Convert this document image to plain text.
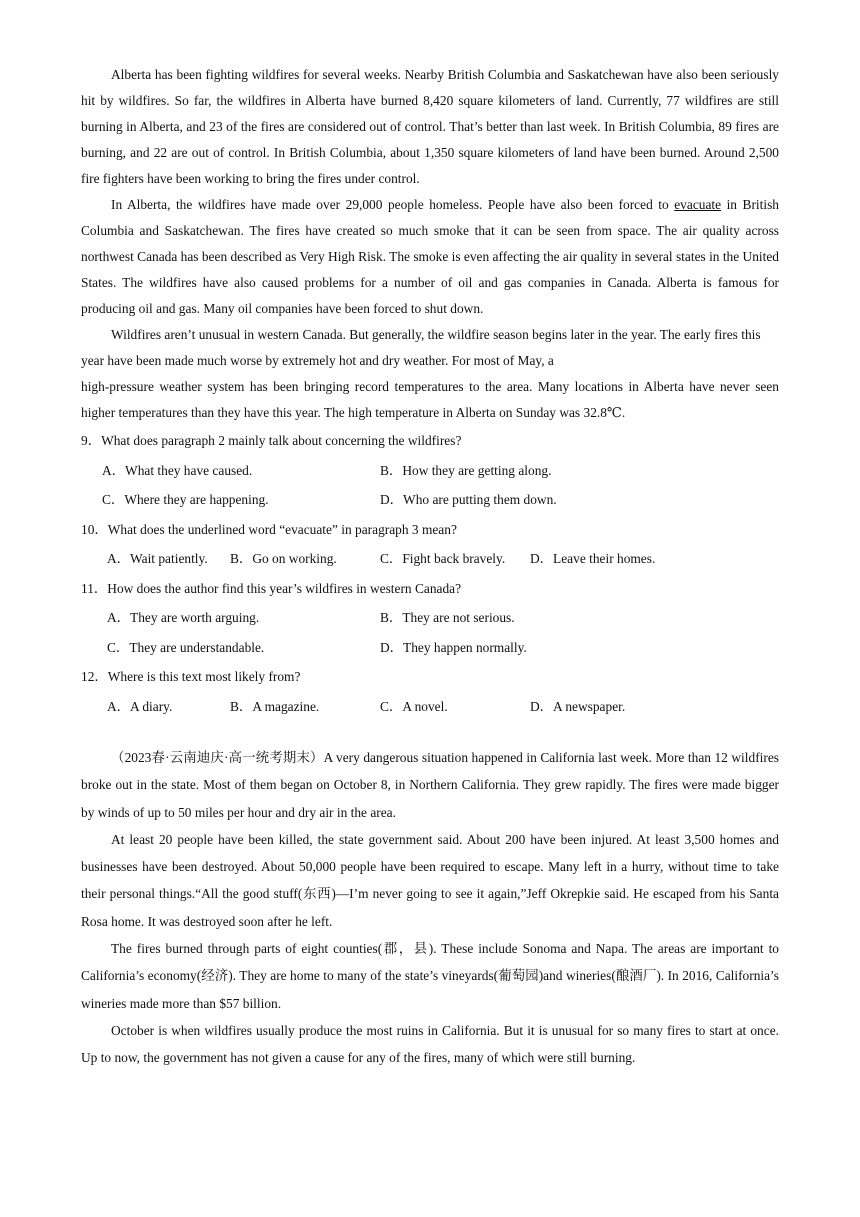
Alberta has been fighting wildfires for several weeks. Nearby British Columbia and Saskatchewan have also been seriously hit by wildfires. So far, the wildfires in Alberta have burned 8,420 square kilometers of land. Currently, 77 wildfires are still burning in Alberta, and 23 of the fires are considered out of control. That’s better than last week. In British Columbia, 89 fires are burning, and 22 are out of control. In British Columbia, about 1,350 square kilometers of land have been burned. Around 2,500 fire fighters have been working to bring the fires under control.

In Alberta, the wildfires have made over 29,000 people homeless. People have also been forced to evacuate in British Columbia and Saskatchewan. The fires have created so much smoke that it can be seen from space. The air quality across northwest Canada has been described as Very High Risk. The smoke is even affecting the air quality in several states in the United States. The wildfires have also caused problems for a number of oil and gas companies in Canada. Alberta is famous for producing oil and gas. Many oil companies have been forced to shut down.

Wildfires aren’t unusual in western Canada. But generally, the wildfire season begins later in the year. The early fires this year have been made much worse by extremely hot and dry weather. For most of May, a

high-pressure weather system has been bringing record temperatures to the area. Many locations in Alberta have never seen higher temperatures than they have this year. The high temperature in Alberta on Sunday was 32.8℃.

9．What does paragraph 2 mainly talk about concerning the wildfires?
A．What they have caused.	B．How they are getting along.
C．Where they are happening.	D．Who are putting them down.
10．What does the underlined word “evacuate” in paragraph 3 mean?
A．Wait patiently. B．Go on working.	C．Fight back bravely. D．Leave their homes.
11．How does the author find this year’s wildfires in western Canada?
A．They are worth arguing.	B．They are not serious.
C．They are understandable.	D．They happen normally.
12．Where is this text most likely from?
A．A diary.	B．A magazine.	C．A novel.	D．A newspaper.

（2023春·云南迪庆·高一统考期末）A very dangerous situation happened in California last week. More than 12 wildfires broke out in the state. Most of them began on October 8, in Northern California. They grew rapidly. The fires were made bigger by winds of up to 50 miles per hour and dry air in the area.

At least 20 people have been killed, the state government said. About 200 have been injured. At least 3,500 homes and businesses have been destroyed. About 50,000 people have been required to escape. Many left in a hurry, without time to take their personal things.“All the good stuff(东西)—I’m never going to see it again,”Jeff Okrepkie said. He escaped from his Santa Rosa home. It was destroyed soon after he left.

The fires burned through parts of eight counties(郡，县). These include Sonoma and Napa. The areas are important to California’s economy(经济). They are home to many of the state’s vineyards(葡萄园)and wineries(酿酒厂). In 2016, California’s wineries made more than $57 billion.

October is when wildfires usually produce the most ruins in California. But it is unusual for so many fires to start at once. Up to now, the government has not given a cause for any of the fires, many of which were still burning.
